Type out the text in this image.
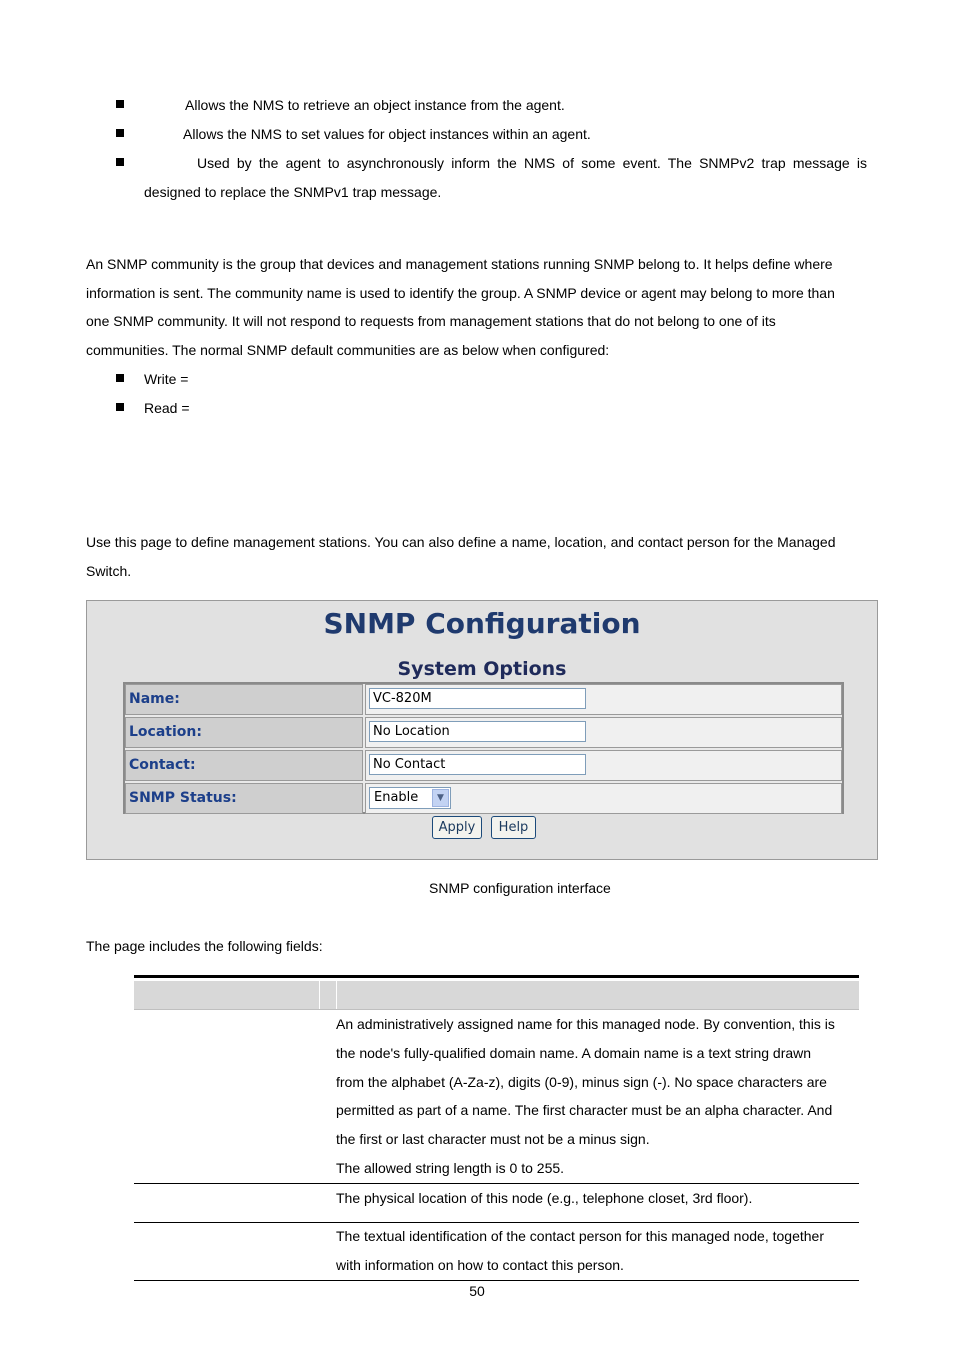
Allows the NMS to retrieve an object instance from the agent.
Allows the NMS to set values for object instances within an agent.
Used by the agent to asynchronously inform the NMS of some event. The SNMPv2 trap message is
designed to replace the SNMPv1 trap message.
An SNMP community is the group that devices and management stations running SNMP belong to. It helps define where
information is sent. The community name is used to identify the group. A SNMP device or agent may belong to more than
one SNMP community. It will not respond to requests from management stations that do not belong to one of its
communities. The normal SNMP default communities are as below when configured:
Write =
Read =
Use this page to define management stations. You can also define a name, location, and contact person for the Managed
Switch.
SNMP Configuration
System Options
Name:	VC-820M
Location:	No Location
Contact:	No Contact
SNMP Status:	Enable	▼
Apply	Help
SNMP configuration interface
The page includes the following fields:
An administratively assigned name for this managed node. By convention, this is
the node's fully-qualified domain name. A domain name is a text string drawn
from the alphabet (A-Za-z), digits (0-9), minus sign (-). No space characters are
permitted as part of a name. The first character must be an alpha character. And
the first or last character must not be a minus sign.
The allowed string length is 0 to 255.
The physical location of this node (e.g., telephone closet, 3rd floor).
The textual identification of the contact person for this managed node, together
with information on how to contact this person.
50
